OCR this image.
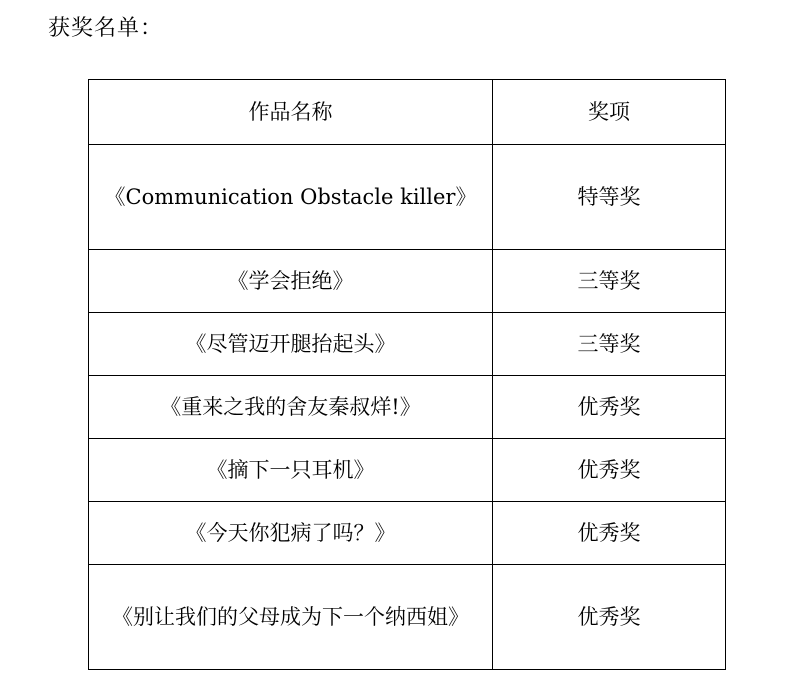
获奖名单：
作品名称	奖项
《Communication Obstacle killer》	特等奖
《学会拒绝》	三等奖
《尽管迈开腿抬起头》	三等奖
《重来之我的舍友秦叔烊!》	优秀奖
《摘下一只耳机》	优秀奖
《今天你犯病了吗？》	优秀奖
《别让我们的父母成为下一个纳西姐》	优秀奖
